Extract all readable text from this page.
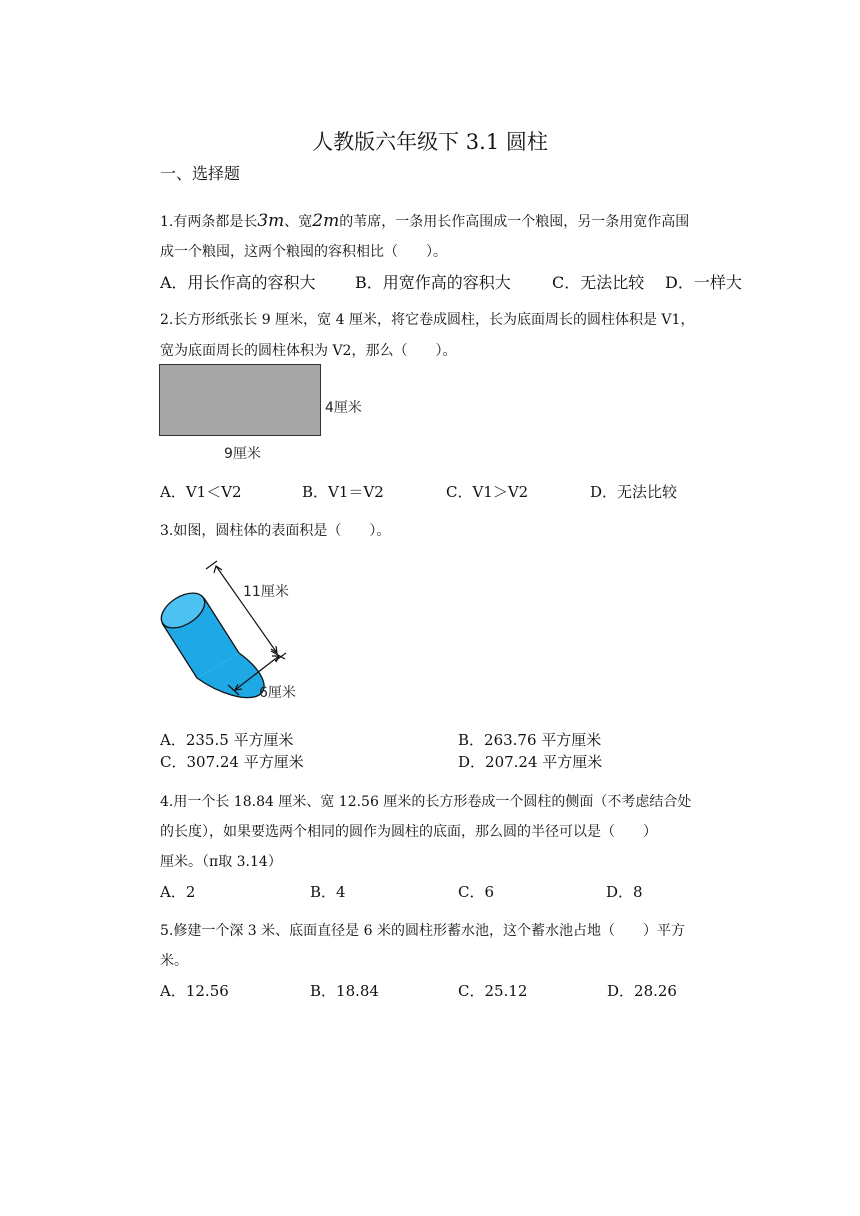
人教版六年级下 3.1 圆柱
一、选择题
1.有两条都是长3m、宽2m的苇席，一条用长作高围成一个粮囤，另一条用宽作高围
成一个粮囤，这两个粮囤的容积相比（　　）。
A．用长作高的容积大 B．用宽作高的容积大	C．无法比较 D．一样大
2.长方形纸张长 9 厘米，宽 4 厘米，将它卷成圆柱，长为底面周长的圆柱体积是 V1，
宽为底面周长的圆柱体积为 V2，那么（　　）。
4厘米
9厘米
A．V1＜V2	B．V1＝V2	C．V1＞V2	D．无法比较
3.如图，圆柱体的表面积是（　　）。
11厘米
6厘米
A．235.5 平方厘米	B．263.76 平方厘米
C．307.24 平方厘米	D．207.24 平方厘米
4.用一个长 18.84 厘米、宽 12.56 厘米的长方形卷成一个圆柱的侧面（不考虑结合处
的长度），如果要选两个相同的圆作为圆柱的底面，那么圆的半径可以是（　　）
厘米。（π取 3.14）
A．2	B．4	C．6	D．8
5.修建一个深 3 米、底面直径是 6 米的圆柱形蓄水池，这个蓄水池占地（　　）平方
米。
A．12.56	B．18.84	C．25.12	D．28.26
